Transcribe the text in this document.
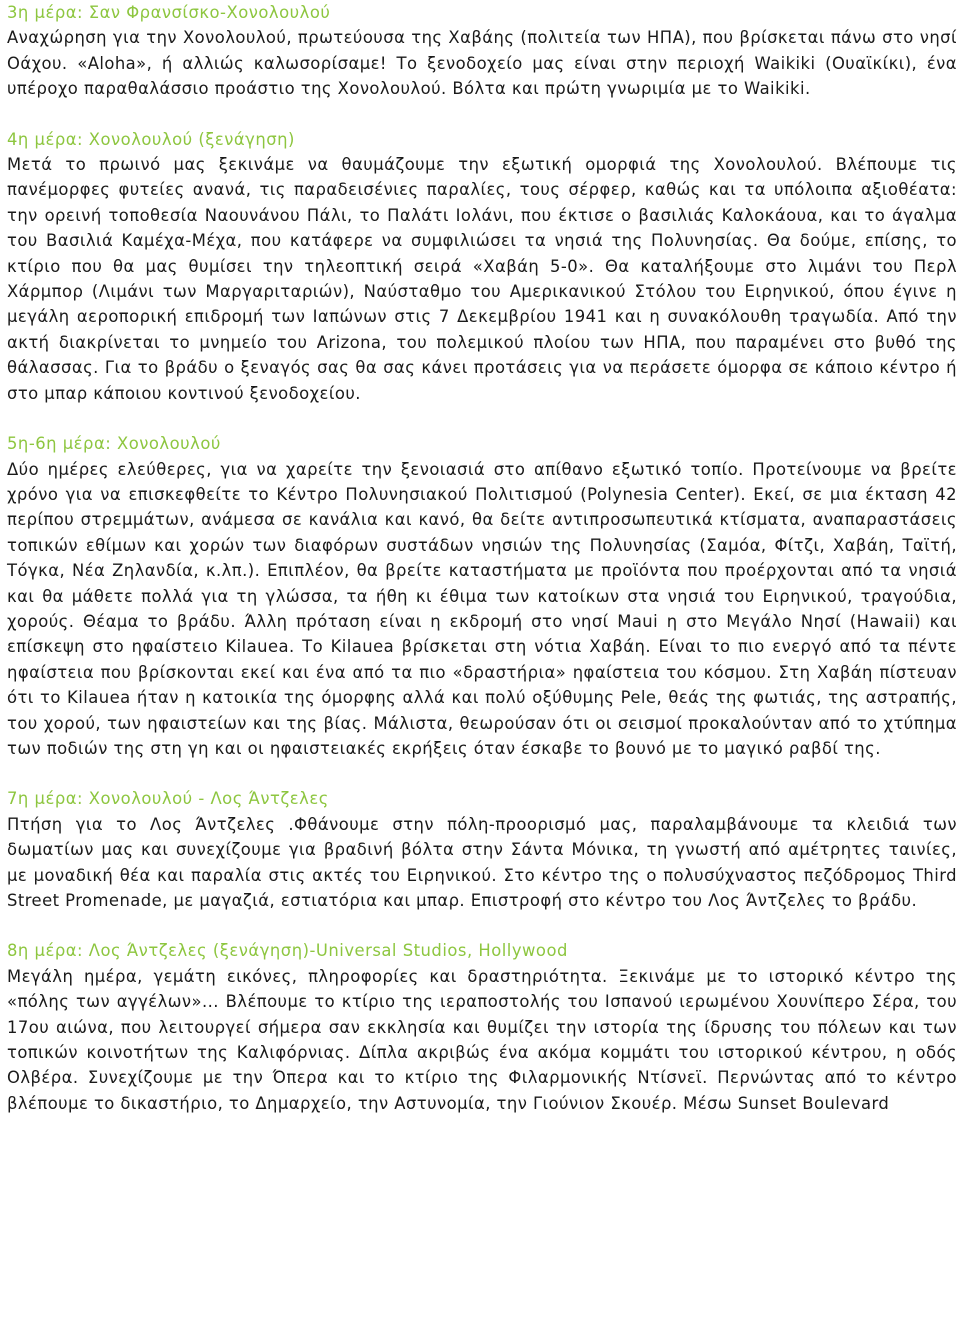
3η μέρα: Σαν Φρανσίσκο-Χονολουλού

Αναχώρηση για την Χονολουλού, πρωτεύουσα της Χαβάης (πολιτεία των ΗΠΑ), που βρίσκεται πάνω στο νησί Οάχου. «Aloha», ή αλλιώς καλωσορίσαμε! Το ξενοδοχείο μας είναι στην περιοχή Waikiki (Ουαϊκίκι), ένα υπέροχο παραθαλάσσιο προάστιο της Χονολουλού. Βόλτα και πρώτη γνωριμία με το Waikiki.

4η μέρα: Χονολουλού (ξενάγηση)

Μετά το πρωινό μας ξεκινάμε να θαυμάζουμε την εξωτική ομορφιά της Χονολουλού. Βλέπουμε τις πανέμορφες φυτείες ανανά, τις παραδεισένιες παραλίες, τους σέρφερ, καθώς και τα υπόλοιπα αξιοθέατα: την ορεινή τοποθεσία Ναουνάνου Πάλι, το Παλάτι Ιολάνι, που έκτισε ο βασιλιάς Καλοκάουα, και το άγαλμα του Βασιλιά Καμέχα-Μέχα, που κατάφερε να συμφιλιώσει τα νησιά της Πολυνησίας. Θα δούμε, επίσης, το κτίριο που θα μας θυμίσει την τηλεοπτική σειρά «Χαβάη 5-0». Θα καταλήξουμε στο λιμάνι του Περλ Χάρμπορ (Λιμάνι των Μαργαριταριών), Ναύσταθμο του Αμερικανικού Στόλου του Ειρηνικού, όπου έγινε η μεγάλη αεροπορική επιδρομή των Ιαπώνων στις 7 Δεκεμβρίου 1941 και η συνακόλουθη τραγωδία. Από την ακτή διακρίνεται το μνημείο του Arizona, του πολεμικού πλοίου των ΗΠΑ, που παραμένει στο βυθό της θάλασσας. Για το βράδυ ο ξεναγός σας θα σας κάνει προτάσεις για να περάσετε όμορφα σε κάποιο κέντρο ή στο μπαρ κάποιου κοντινού ξενοδοχείου.

5η-6η μέρα: Χονολουλού

Δύο ημέρες ελεύθερες, για να χαρείτε την ξενοιασιά στο απίθανο εξωτικό τοπίο. Προτείνουμε να βρείτε χρόνο για να επισκεφθείτε το Κέντρο Πολυνησιακού Πολιτισμού (Polynesia Center). Εκεί, σε μια έκταση 42 περίπου στρεμμάτων, ανάμεσα σε κανάλια και κανό, θα δείτε αντιπροσωπευτικά κτίσματα, αναπαραστάσεις τοπικών εθίμων και χορών των διαφόρων συστάδων νησιών της Πολυνησίας (Σαμόα, Φίτζι, Χαβάη, Ταϊτή, Τόγκα, Νέα Ζηλανδία, κ.λπ.). Επιπλέον, θα βρείτε καταστήματα με προϊόντα που προέρχονται από τα νησιά και θα μάθετε πολλά για τη γλώσσα, τα ήθη κι έθιμα των κατοίκων στα νησιά του Ειρηνικού, τραγούδια, χορούς. Θέαμα το βράδυ. Άλλη πρόταση είναι η εκδρομή στο νησί Maui η στο Μεγάλο Νησί (Hawaii) και επίσκεψη στο ηφαίστειο Kilauea. Το Kilauea βρίσκεται στη νότια Χαβάη. Είναι το πιο ενεργό από τα πέντε ηφαίστεια που βρίσκονται εκεί και ένα από τα πιο «δραστήρια» ηφαίστεια του κόσμου. Στη Χαβάη πίστευαν ότι το Kilauea ήταν η κατοικία της όμορφης αλλά και πολύ οξύθυμης Pele, θεάς της φωτιάς, της αστραπής, του χορού, των ηφαιστείων και της βίας. Μάλιστα, θεωρούσαν ότι οι σεισμοί προκαλούνταν από το χτύπημα των ποδιών της στη γη και οι ηφαιστειακές εκρήξεις όταν έσκαβε το βουνό με το μαγικό ραβδί της.

7η μέρα: Χονολουλού - Λος Άντζελες

Πτήση για το Λος Άντζελες .Φθάνουμε στην πόλη-προορισμό μας, παραλαμβάνουμε τα κλειδιά των δωματίων μας και συνεχίζουμε για βραδινή βόλτα στην Σάντα Μόνικα, τη γνωστή από αμέτρητες ταινίες, με μοναδική θέα και παραλία στις ακτές του Ειρηνικού. Στο κέντρο της ο πολυσύχναστος πεζόδρομος Third Street Promenade, με μαγαζιά, εστιατόρια και μπαρ. Επιστροφή στο κέντρο του Λος Άντζελες το βράδυ.

8η μέρα: Λος Άντζελες (ξενάγηση)-Universal Studios, Hollywood

Μεγάλη ημέρα, γεμάτη εικόνες, πληροφορίες και δραστηριότητα. Ξεκινάμε με το ιστορικό κέντρο της «πόλης των αγγέλων»... Βλέπουμε το κτίριο της ιεραποστολής του Ισπανού ιερωμένου Χουνίπερο Σέρα, του 17ου αιώνα, που λειτουργεί σήμερα σαν εκκλησία και θυμίζει την ιστορία της ίδρυσης του πόλεων και των τοπικών κοινοτήτων της Καλιφόρνιας. Δίπλα ακριβώς ένα ακόμα κομμάτι του ιστορικού κέντρου, η οδός Ολβέρα. Συνεχίζουμε με την Όπερα και το κτίριο της Φιλαρμονικής Ντίσνεϊ. Περνώντας από το κέντρο βλέπουμε το δικαστήριο, το Δημαρχείο, την Αστυνομία, την Γιούνιον Σκουέρ. Μέσω Sunset Boulevard
